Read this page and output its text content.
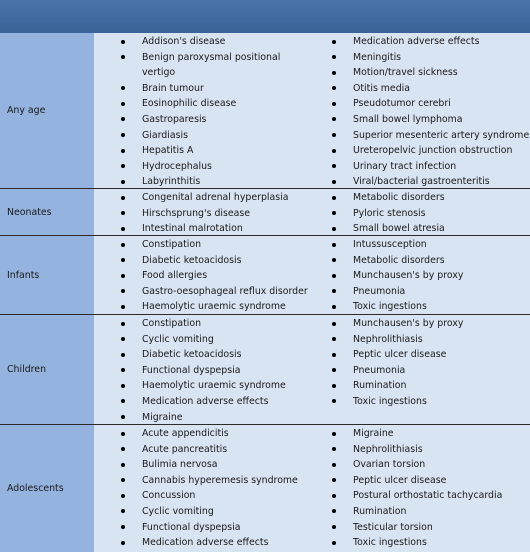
Any age
Addison's disease
Benign paroxysmal positional vertigo
Brain tumour
Eosinophilic disease
Gastroparesis
Giardiasis
Hepatitis A
Hydrocephalus
Labyrinthitis
Medication adverse effects
Meningitis
Motion/travel sickness
Otitis media
Pseudotumor cerebri
Small bowel lymphoma
Superior mesenteric artery syndrome
Ureteropelvic junction obstruction
Urinary tract infection
Viral/bacterial gastroenteritis
Neonates
Congenital adrenal hyperplasia
Hirschsprung's disease
Intestinal malrotation
Metabolic disorders
Pyloric stenosis
Small bowel atresia
Infants
Constipation
Diabetic ketoacidosis
Food allergies
Gastro-oesophageal reflux disorder
Haemolytic uraemic syndrome
Intussusception
Metabolic disorders
Munchausen's by proxy
Pneumonia
Toxic ingestions
Children
Constipation
Cyclic vomiting
Diabetic ketoacidosis
Functional dyspepsia
Haemolytic uraemic syndrome
Medication adverse effects
Migraine
Munchausen's by proxy
Nephrolithiasis
Peptic ulcer disease
Pneumonia
Rumination
Toxic ingestions
Adolescents
Acute appendicitis
Acute pancreatitis
Bulimia nervosa
Cannabis hyperemesis syndrome
Concussion
Cyclic vomiting
Functional dyspepsia
Medication adverse effects
Migraine
Nephrolithiasis
Ovarian torsion
Peptic ulcer disease
Postural orthostatic tachycardia
Rumination
Testicular torsion
Toxic ingestions
